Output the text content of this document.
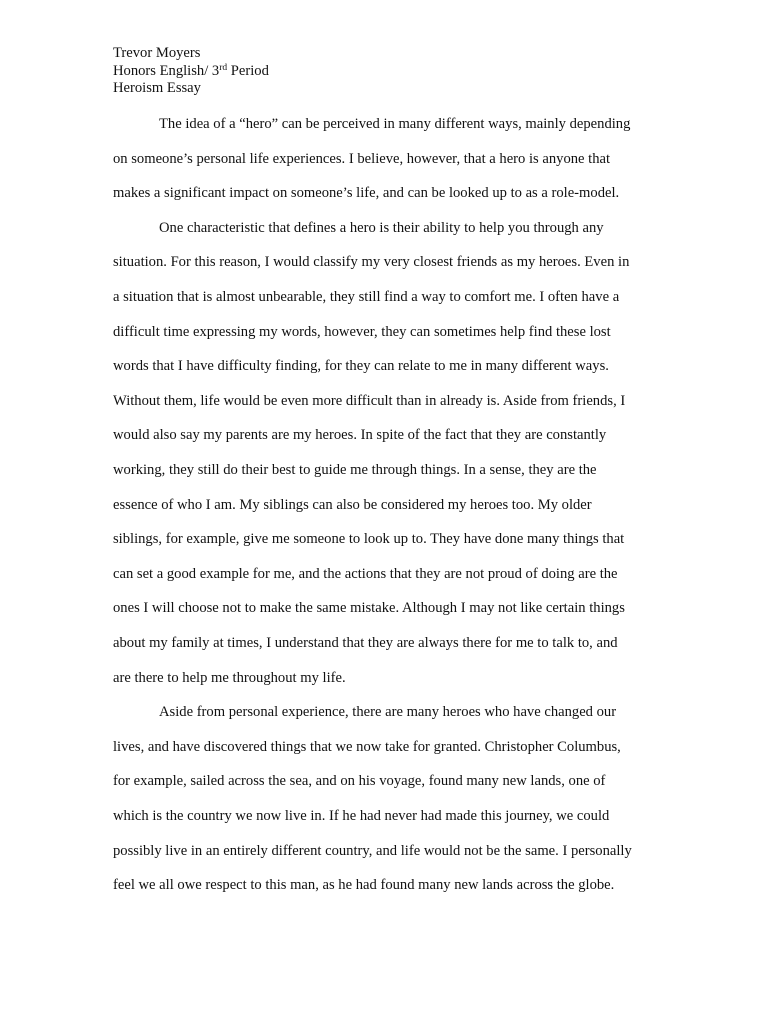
Trevor Moyers
Honors English/ 3rd Period
Heroism Essay
The idea of a “hero” can be perceived in many different ways, mainly depending
on someone’s personal life experiences. I believe, however, that a hero is anyone that
makes a significant impact on someone’s life, and can be looked up to as a role-model.
One characteristic that defines a hero is their ability to help you through any
situation. For this reason, I would classify my very closest friends as my heroes. Even in
a situation that is almost unbearable, they still find a way to comfort me. I often have a
difficult time expressing my words, however, they can sometimes help find these lost
words that I have difficulty finding, for they can relate to me in many different ways.
Without them, life would be even more difficult than in already is. Aside from friends, I
would also say my parents are my heroes. In spite of the fact that they are constantly
working, they still do their best to guide me through things. In a sense, they are the
essence of who I am. My siblings can also be considered my heroes too. My older
siblings, for example, give me someone to look up to. They have done many things that
can set a good example for me, and the actions that they are not proud of doing are the
ones I will choose not to make the same mistake. Although I may not like certain things
about my family at times, I understand that they are always there for me to talk to, and
are there to help me throughout my life.
Aside from personal experience, there are many heroes who have changed our
lives, and have discovered things that we now take for granted. Christopher Columbus,
for example, sailed across the sea, and on his voyage, found many new lands, one of
which is the country we now live in. If he had never had made this journey, we could
possibly live in an entirely different country, and life would not be the same. I personally
feel we all owe respect to this man, as he had found many new lands across the globe.
